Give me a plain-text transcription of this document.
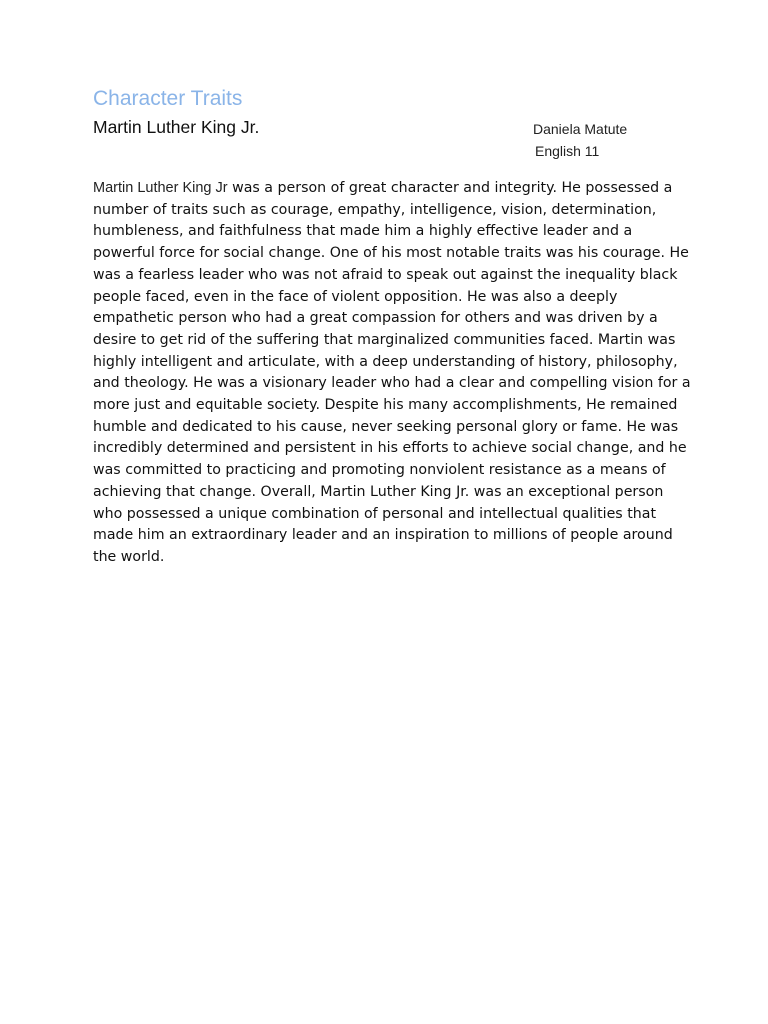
Character Traits
Martin Luther King Jr.	Daniela Matute
English 11

Martin Luther King Jr was a person of great character and integrity. He possessed a number of traits such as courage, empathy, intelligence, vision, determination, humbleness, and faithfulness that made him a highly effective leader and a powerful force for social change. One of his most notable traits was his courage. He was a fearless leader who was not afraid to speak out against the inequality black people faced, even in the face of violent opposition. He was also a deeply empathetic person who had a great compassion for others and was driven by a desire to get rid of the suffering that marginalized communities faced. Martin was highly intelligent and articulate, with a deep understanding of history, philosophy, and theology. He was a visionary leader who had a clear and compelling vision for a more just and equitable society. Despite his many accomplishments, He remained humble and dedicated to his cause, never seeking personal glory or fame. He was incredibly determined and persistent in his efforts to achieve social change, and he was committed to practicing and promoting nonviolent resistance as a means of achieving that change. Overall, Martin Luther King Jr. was an exceptional person who possessed a unique combination of personal and intellectual qualities that made him an extraordinary leader and an inspiration to millions of people around the world.
